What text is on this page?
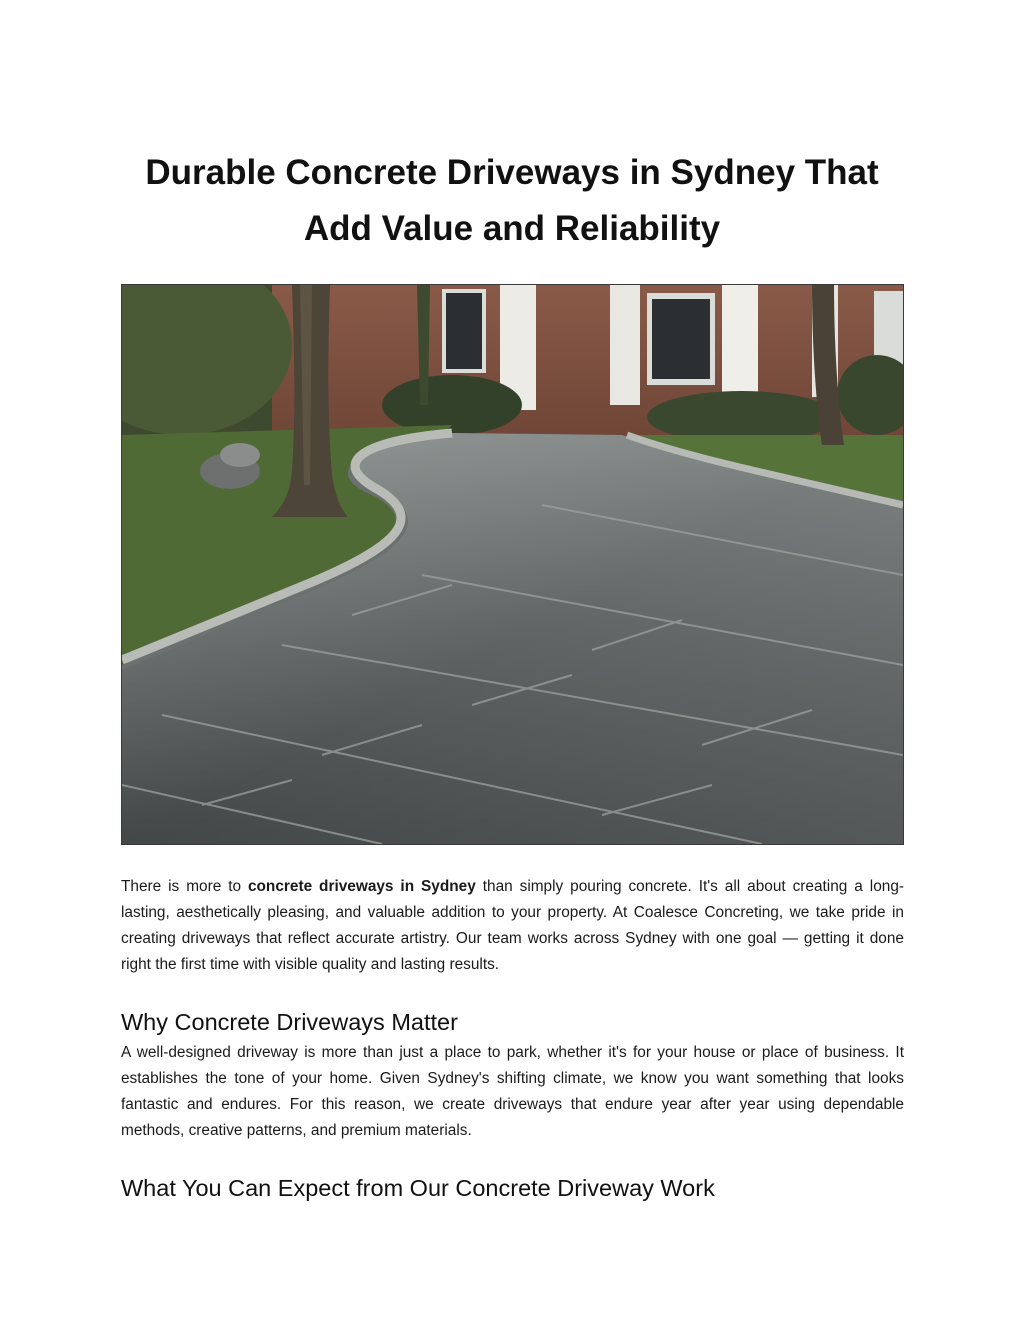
Durable Concrete Driveways in Sydney That
Add Value and Reliability

There is more to concrete driveways in Sydney than simply pouring concrete. It's all about creating a long-lasting, aesthetically pleasing, and valuable addition to your property. At Coalesce Concreting, we take pride in creating driveways that reflect accurate artistry. Our team works across Sydney with one goal — getting it done right the first time with visible quality and lasting results.

Why Concrete Driveways Matter

A well-designed driveway is more than just a place to park, whether it's for your house or place of business. It establishes the tone of your home. Given Sydney's shifting climate, we know you want something that looks fantastic and endures. For this reason, we create driveways that endure year after year using dependable methods, creative patterns, and premium materials.

What You Can Expect from Our Concrete Driveway Work
